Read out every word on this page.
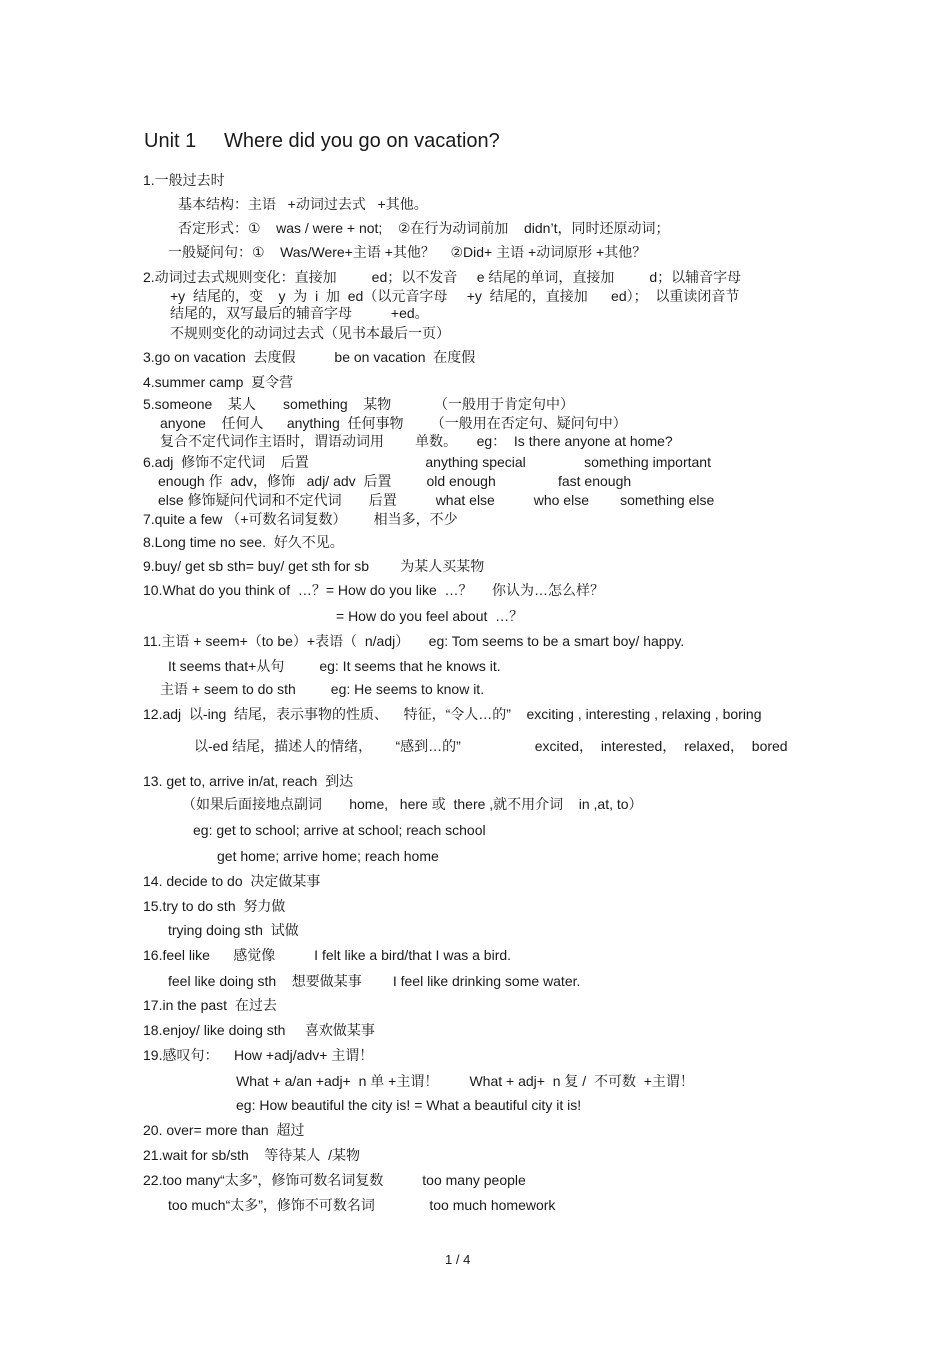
Unit 1     Where did you go on vacation?
1.一般过去时
基本结构：主语   +动词过去式   +其他。
否定形式：①    was / were + not;    ②在行为动词前加    didn’t，同时还原动词；
一般疑问句：①    Was/Were+主语 +其他？    ②Did+ 主语 +动词原形 +其他？
2.动词过去式规则变化：直接加         ed；以不发音     e 结尾的单词，直接加         d；以辅音字母
+y  结尾的，变    y  为  i  加  ed（以元音字母     +y  结尾的，直接加      ed）；  以重读闭音节
结尾的，双写最后的辅音字母          +ed。
不规则变化的动词过去式（见书本最后一页）
3.go on vacation  去度假          be on vacation  在度假
4.summer camp  夏令营
5.someone    某人       something    某物           （一般用于肯定句中）
anyone    任何人      anything  任何事物       （一般用在否定句、疑问句中）
复合不定代词作主语时，谓语动词用        单数。     eg：  Is there anyone at home?
6.adj  修饰不定代词    后置                              anything special               something important
enough 作  adv，修饰   adj/ adv  后置         old enough                fast enough
else 修饰疑问代词和不定代词       后置          what else          who else        something else
7.quite a few （+可数名词复数）       相当多，不少
8.Long time no see.  好久不见。
9.buy/ get sb sth= buy/ get sth for sb        为某人买某物
10.What do you think of  …？= How do you like  …？     你认为…怎么样？
= How do you feel about  …？
11.主语 + seem+（to be）+表语（  n/adj）     eg: Tom seems to be a smart boy/ happy.
It seems that+从句         eg: It seems that he knows it.
主语 + seem to do sth         eg: He seems to know it.
12.adj  以-ing  结尾，表示事物的性质、    特征，“令人…的”    exciting , interesting , relaxing , boring
以-ed 结尾，描述人的情绪，      “感到…的”                   excited，  interested，  relaxed，  bored
13. get to, arrive in/at, reach  到达
（如果后面接地点副词       home,   here 或  there ,就不用介词    in ,at, to）
eg: get to school; arrive at school; reach school
get home; arrive home; reach home
14. decide to do  决定做某事
15.try to do sth  努力做
trying doing sth  试做
16.feel like      感觉像          I felt like a bird/that I was a bird.
feel like doing sth    想要做某事        I feel like drinking some water.
17.in the past  在过去
18.enjoy/ like doing sth     喜欢做某事
19.感叹句：    How +adj/adv+ 主谓！
What + a/an +adj+  n 单 +主谓！        What + adj+  n 复 /  不可数  +主谓！
eg: How beautiful the city is! = What a beautiful city it is!
20. over= more than  超过
21.wait for sb/sth    等待某人  /某物
22.too many“太多”，修饰可数名词复数          too many people
too much“太多”，修饰不可数名词              too much homework
1 / 4
